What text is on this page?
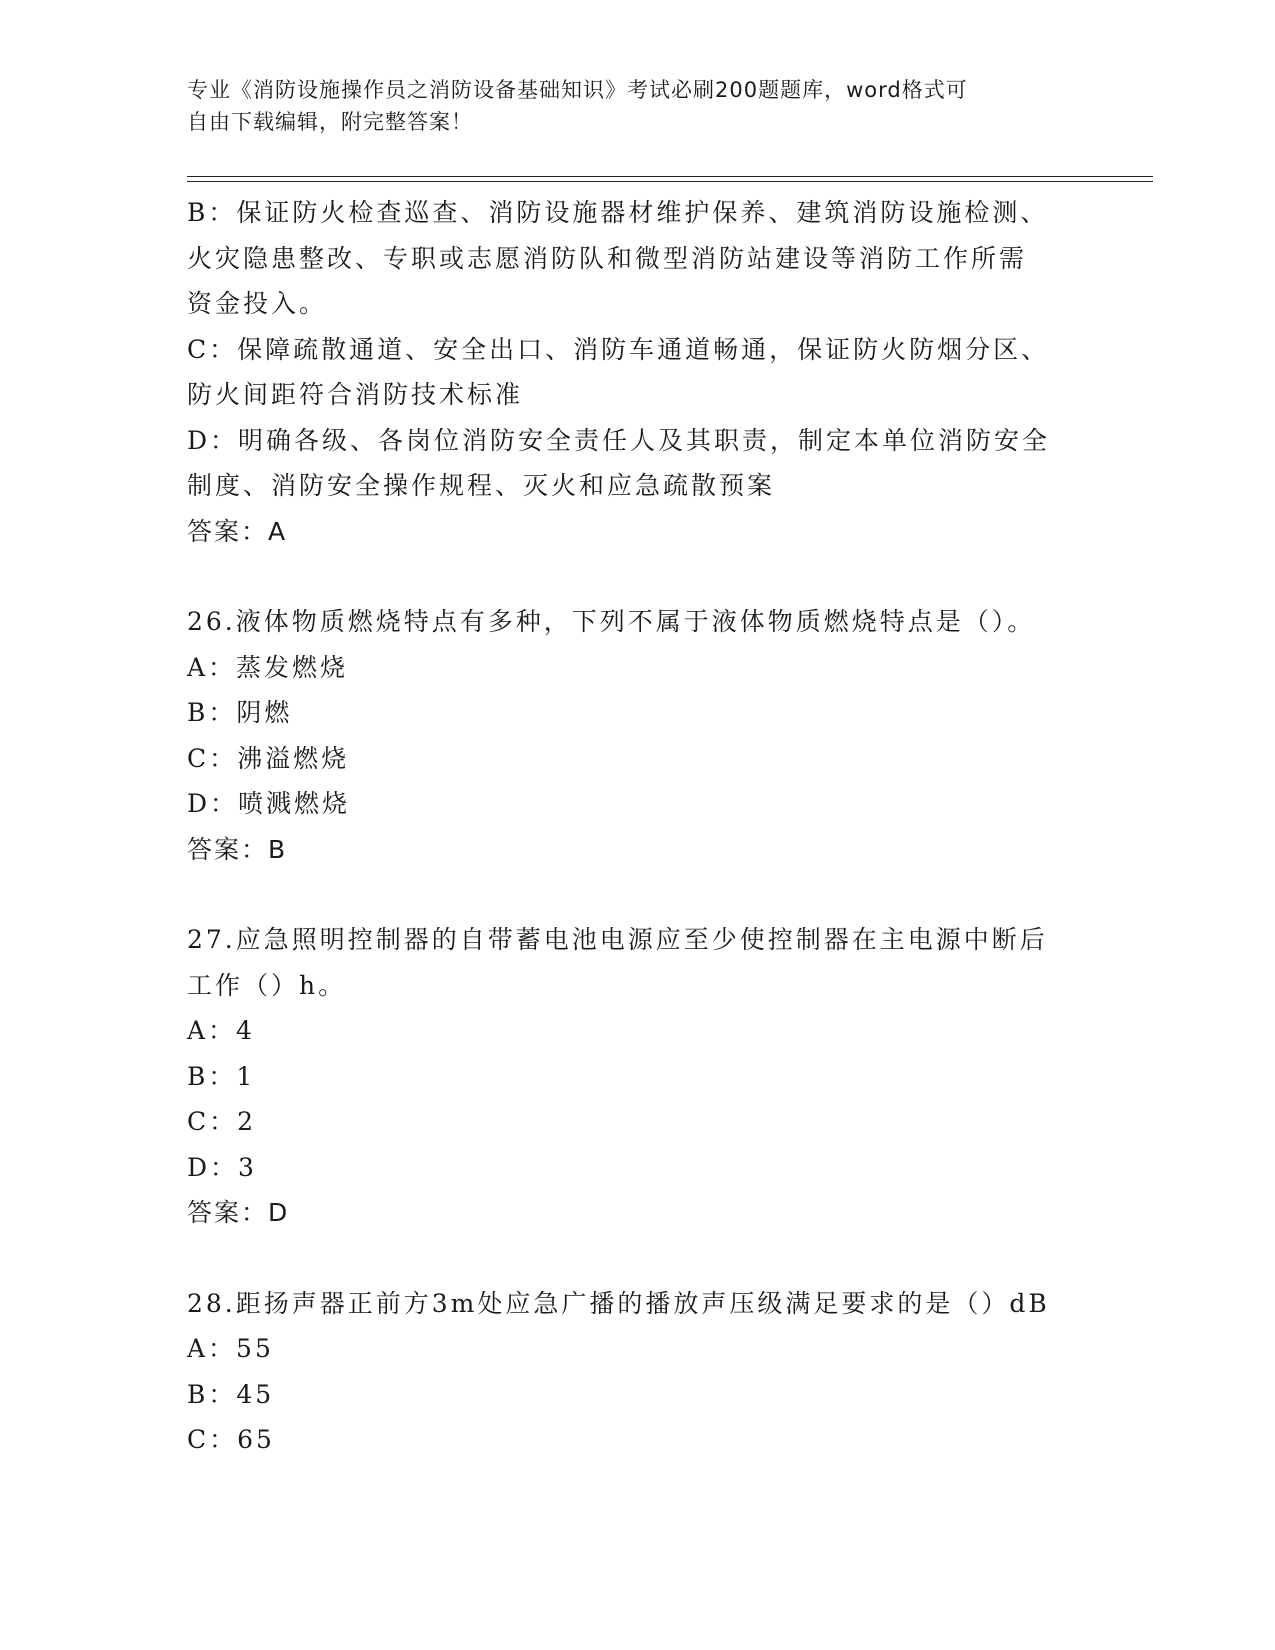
专业《消防设施操作员之消防设备基础知识》考试必刷200题题库，word格式可
自由下载编辑，附完整答案！
B：保证防火检查巡查、消防设施器材维护保养、建筑消防设施检测、
火灾隐患整改、专职或志愿消防队和微型消防站建设等消防工作所需
资金投入。
C：保障疏散通道、安全出口、消防车通道畅通，保证防火防烟分区、
防火间距符合消防技术标准
D：明确各级、各岗位消防安全责任人及其职责，制定本单位消防安全
制度、消防安全操作规程、灭火和应急疏散预案
答案：A
26.液体物质燃烧特点有多种，下列不属于液体物质燃烧特点是（）。
A：蒸发燃烧
B：阴燃
C：沸溢燃烧
D：喷溅燃烧
答案：B
27.应急照明控制器的自带蓄电池电源应至少使控制器在主电源中断后
工作（）h。
A：4
B：1
C：2
D：3
答案：D
28.距扬声器正前方3m处应急广播的播放声压级满足要求的是（）dB
A：55
B：45
C：65
